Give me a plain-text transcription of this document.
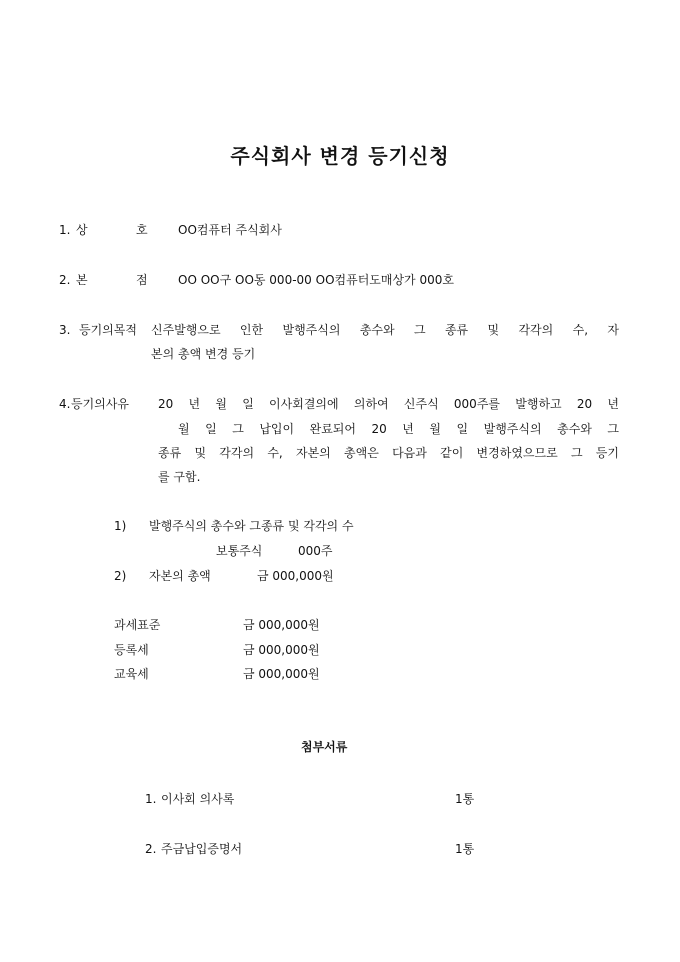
주식회사 변경 등기신청
1. 상	호	OO컴퓨터 주식회사
2. 본	점	OO OO구 OO동 000-00 OO컴퓨터도매상가 000호
3. 등기의목적 신주발행으로 인한 발행주식의 총수와 그 종류 및 각각의 수, 자
본의 총액 변경 등기
4. 등기의사유 20 년 월 일 이사회결의에 의하여 신주식 000주를 발행하고 20 년
월 일 그 납입이 완료되어 20 년 월 일 발행주식의 총수와 그
종류 및 각각의 수, 자본의 총액은 다음과 같이 변경하였으므로 그 등기
를 구함.
1) 발행주식의 총수와 그종류 및 각각의 수
보통주식	000주
2) 자본의 총액	금 000,000원
과세표준	금 000,000원
등록세	금 000,000원
교육세	금 000,000원
첨부서류
1. 이사회 의사록	1통
2. 주금납입증명서	1통
